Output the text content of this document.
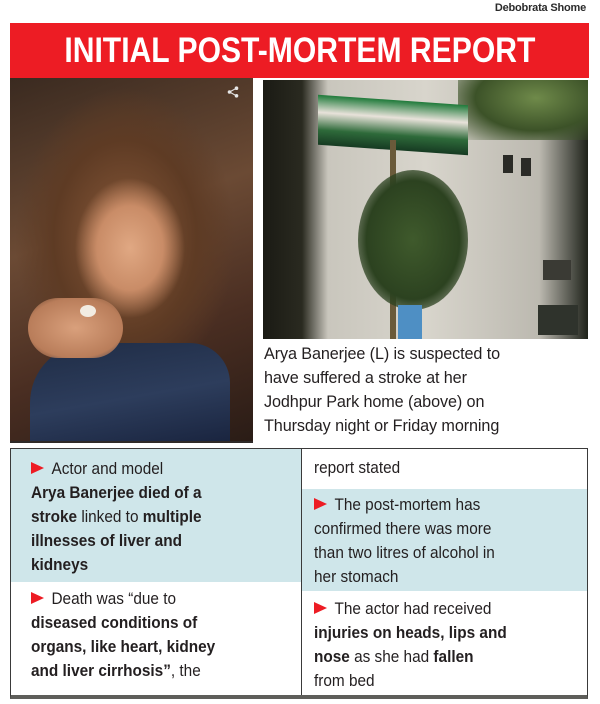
Debobrata Shome
INITIAL POST-MORTEM REPORT
Arya Banerjee (L) is suspected to
have suffered a stroke at her
Jodhpur Park home (above) on
Thursday night or Friday morning
Actor and model
Arya Banerjee died of a
stroke linked to multiple
illnesses of liver and
kidneys
Death was “due to
diseased conditions of
organs, like heart, kidney
and liver cirrhosis”, the
report stated
The post-mortem has
confirmed there was more
than two litres of alcohol in
her stomach
The actor had received
injuries on heads, lips and
nose as she had fallen
from bed
